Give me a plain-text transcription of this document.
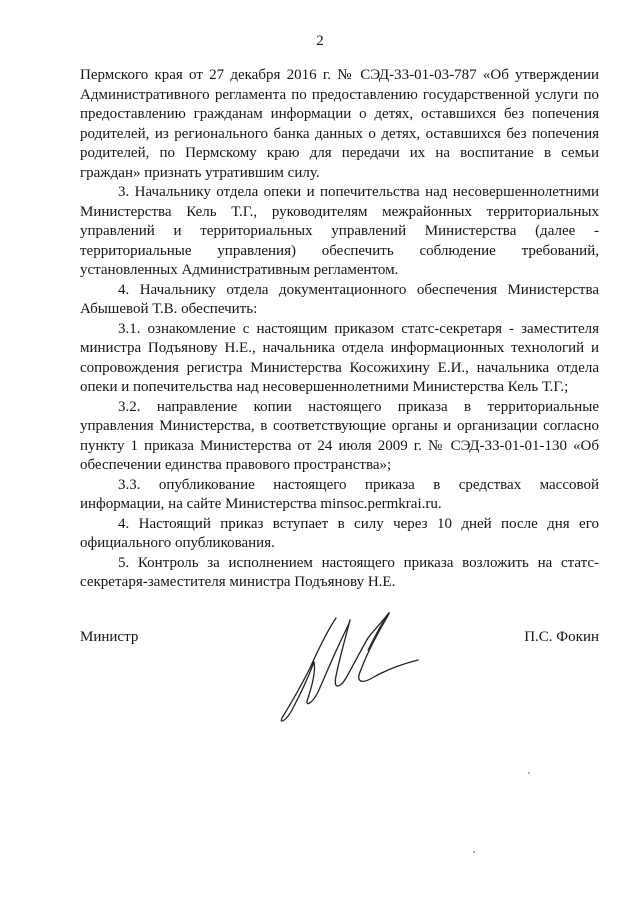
2

Пермского края от 27 декабря 2016 г. № СЭД-33-01-03-787 «Об утверждении Административного регламента по предоставлению государственной услуги по предоставлению гражданам информации о детях, оставшихся без попечения родителей, из регионального банка данных о детях, оставшихся без попечения родителей, по Пермскому краю для передачи их на воспитание в семьи граждан» признать утратившим силу.

3. Начальнику отдела опеки и попечительства над несовершеннолетними Министерства Кель Т.Г., руководителям межрайонных территориальных управлений и территориальных управлений Министерства (далее - территориальные управления) обеспечить соблюдение требований, установленных Административным регламентом.

4. Начальнику отдела документационного обеспечения Министерства Абышевой Т.В. обеспечить:

3.1. ознакомление с настоящим приказом статс-секретаря - заместителя министра Подъянову Н.Е., начальника отдела информационных технологий и сопровождения регистра Министерства Косожихину Е.И., начальника отдела опеки и попечительства над несовершеннолетними Министерства Кель Т.Г.;

3.2. направление копии настоящего приказа в территориальные управления Министерства, в соответствующие органы и организации согласно пункту 1 приказа Министерства от 24 июля 2009 г. № СЭД-33-01-01-130 «Об обеспечении единства правового пространства»;

3.3. опубликование настоящего приказа в средствах массовой информации, на сайте Министерства minsoc.permkrai.ru.

4. Настоящий приказ вступает в силу через 10 дней после дня его официального опубликования.

5. Контроль за исполнением настоящего приказа возложить на статс-секретаря-заместителя министра Подъянову Н.Е.

Министр	П.С. Фокин
